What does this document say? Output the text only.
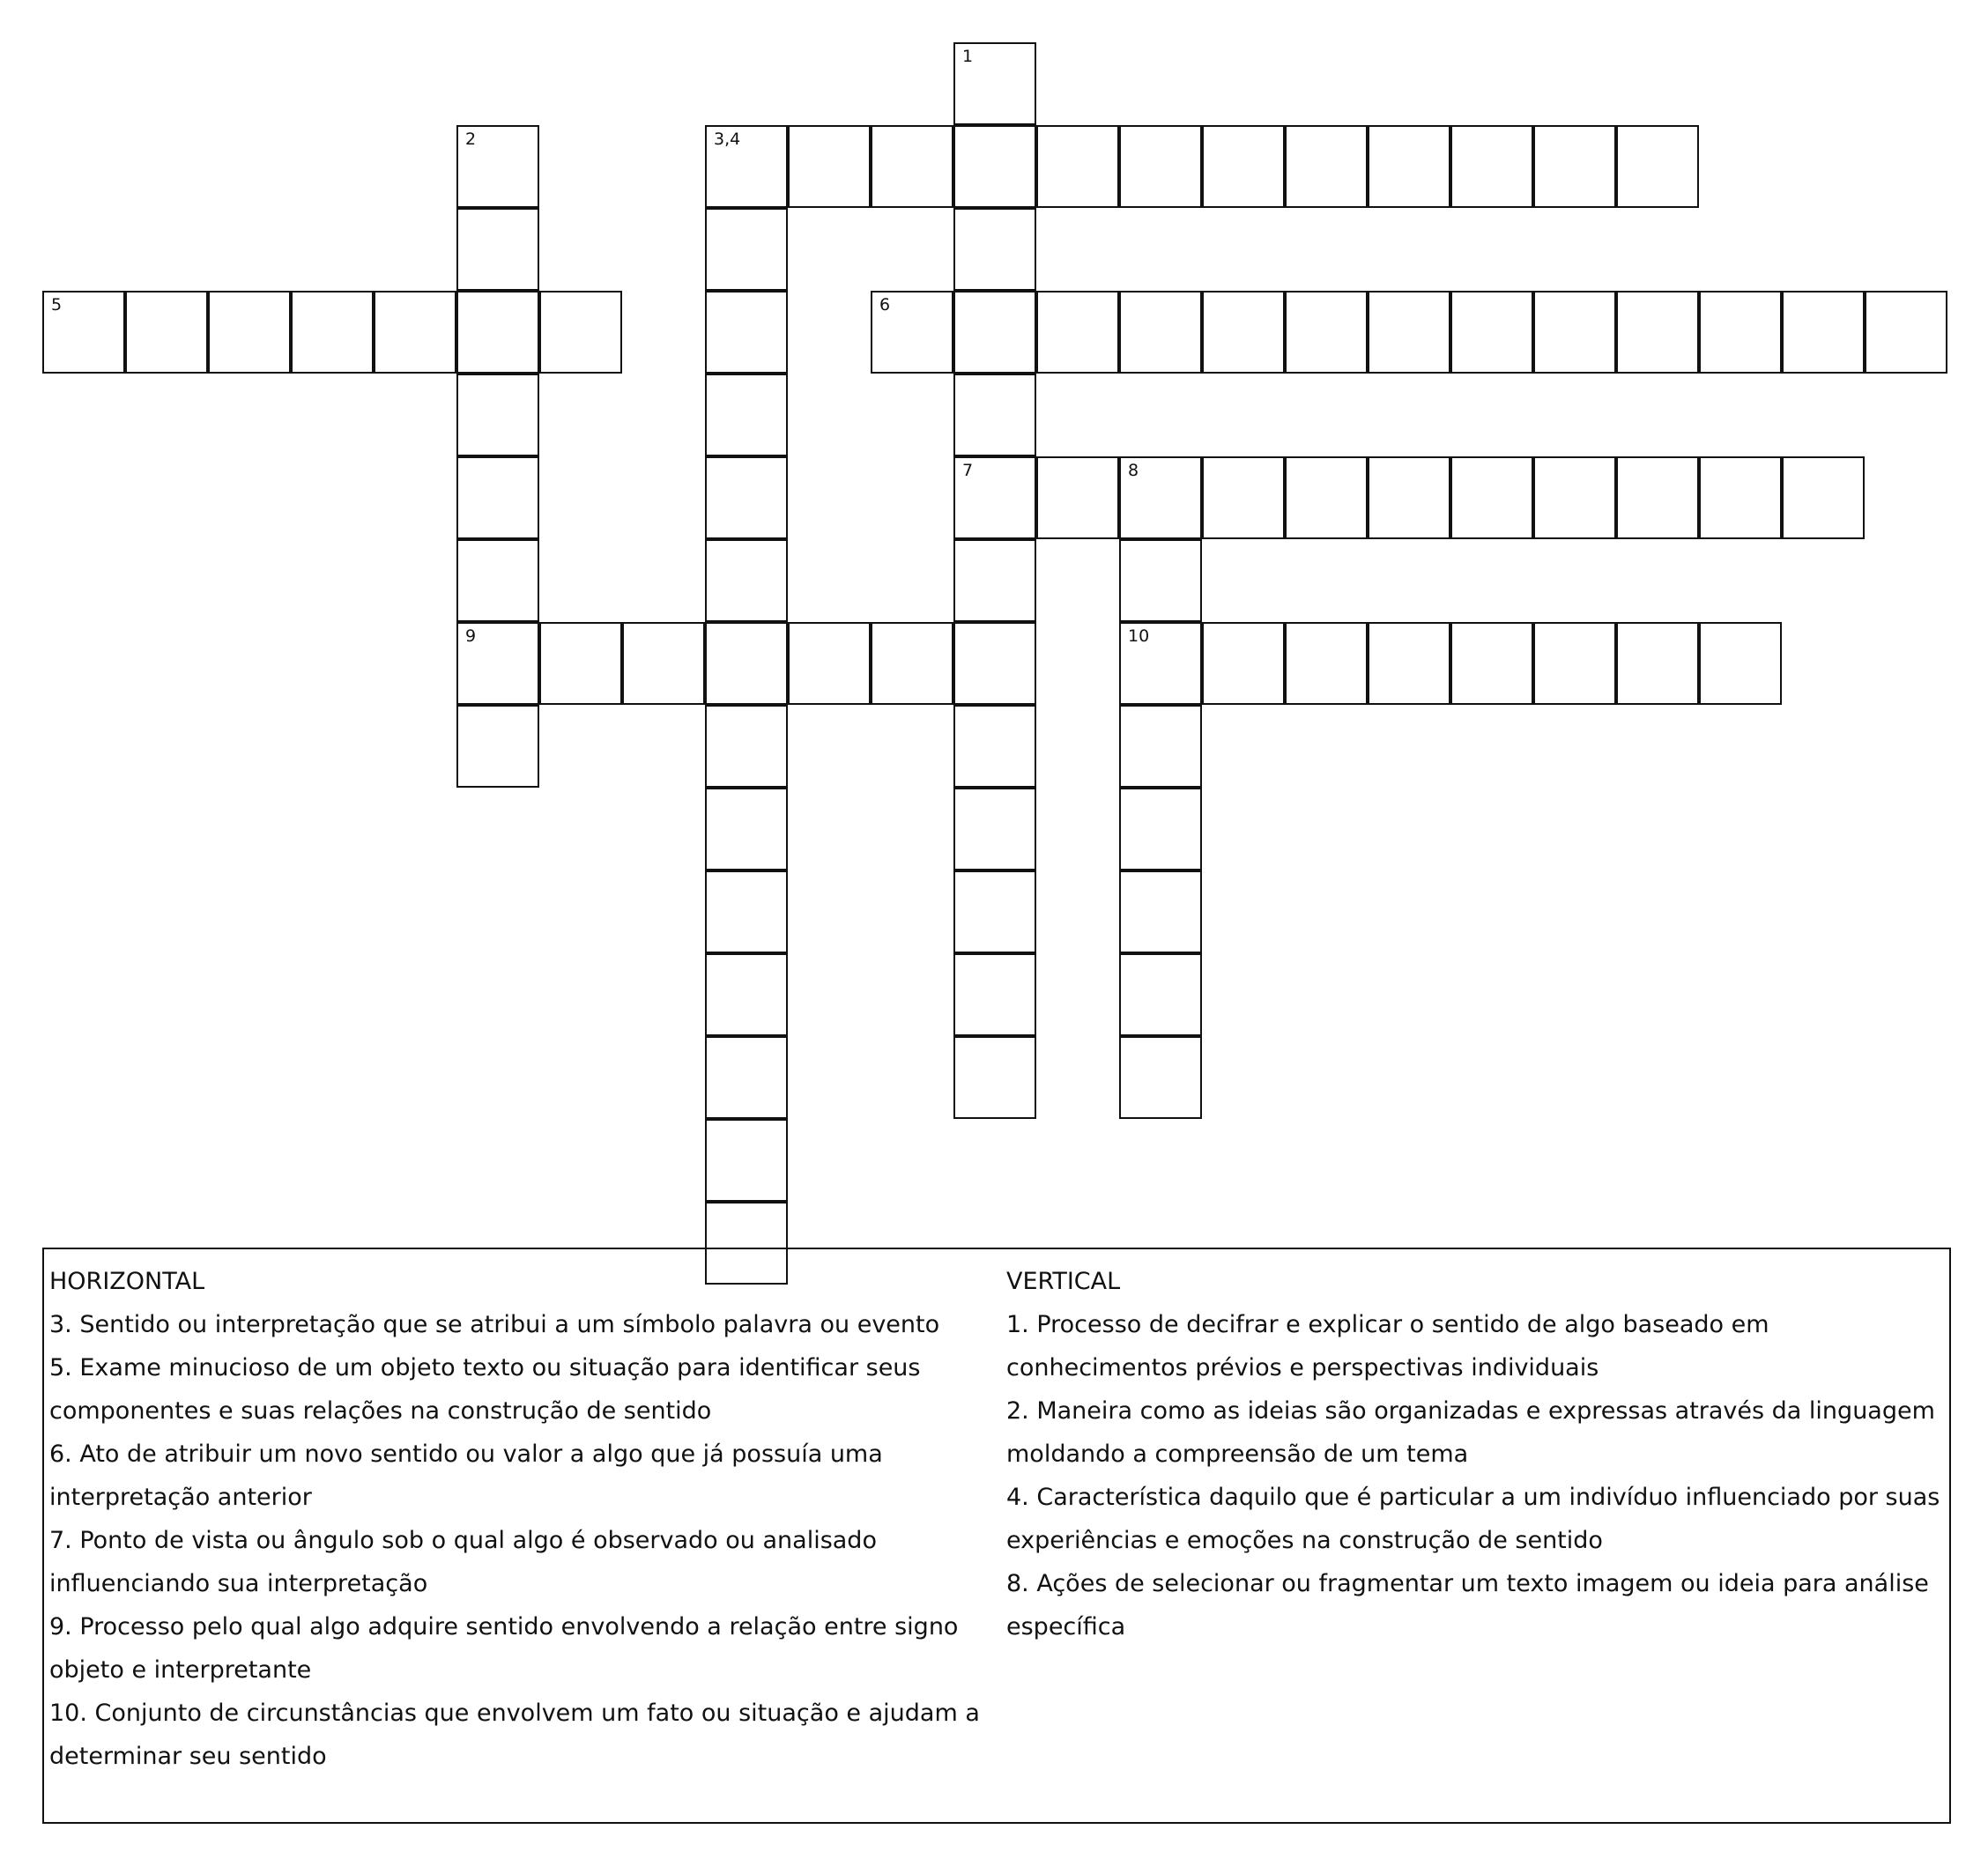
1
7
2
9
3,4
5	6
8
10
HORIZONTAL
3. Sentido ou interpretação que se atribui a um símbolo palavra ou evento
5. Exame minucioso de um objeto texto ou situação para identificar seus componentes e suas relações na construção de sentido
6. Ato de atribuir um novo sentido ou valor a algo que já possuía uma interpretação anterior
7. Ponto de vista ou ângulo sob o qual algo é observado ou analisado influenciando sua interpretação
9. Processo pelo qual algo adquire sentido envolvendo a relação entre signo objeto e interpretante
10. Conjunto de circunstâncias que envolvem um fato ou situação e ajudam a determinar seu sentido
VERTICAL
1. Processo de decifrar e explicar o sentido de algo baseado em conhecimentos prévios e perspectivas individuais
2. Maneira como as ideias são organizadas e expressas através da linguagem moldando a compreensão de um tema
4. Característica daquilo que é particular a um indivíduo influenciado por suas experiências e emoções na construção de sentido
8. Ações de selecionar ou fragmentar um texto imagem ou ideia para análise específica
